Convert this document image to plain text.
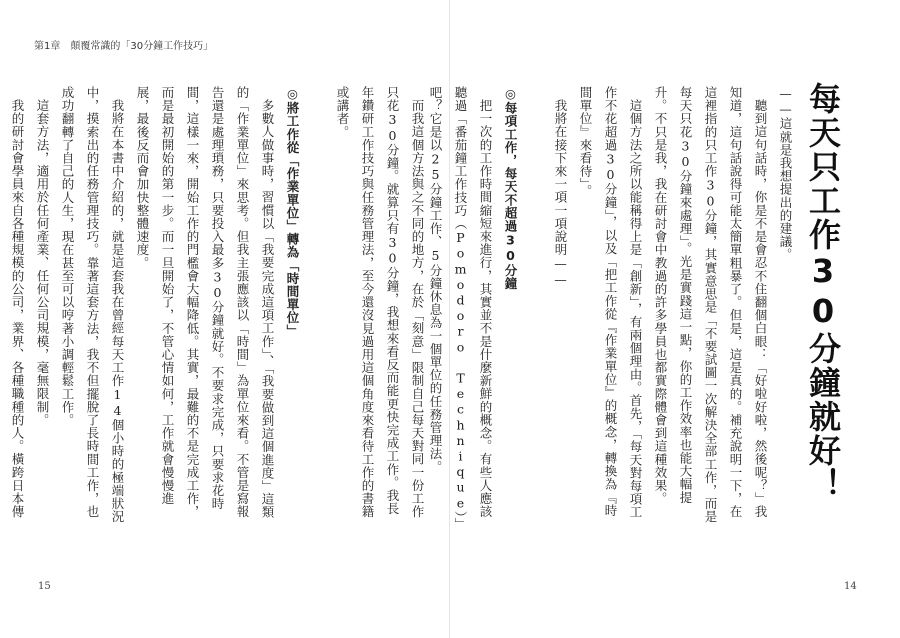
第1章　顛覆常識的「30分鐘工作技巧」
每天只工作30分鐘就好！
——這就是我想提出的建議。
聽到這句話時，你是不是會忍不住翻個白眼：「好啦好啦，然後呢？」我知道，這句話說得可能太簡單粗暴了。但是，這是真的。補充說明一下，在這裡指的只工作30分鐘，其實意思是「不要試圖一次解決全部工作，而是每天只花30分鐘來處理」。光是實踐這一點，你的工作效率也能大幅提升。不只是我，我在研討會中教過的許多學員也都實際體會到這種效果。
這個方法之所以能稱得上是「創新」，有兩個理由。首先，「每天對每項工作不花超過30分鐘」，以及「把工作從『作業單位』的概念，轉換為『時間單位』來看待」。
我將在接下來一項一項說明——
◎每項工作，每天不超過30分鐘
把一次的工作時間縮短來進行，其實並不是什麼新鮮的概念。有些人應該聽過「番茄鐘工作技巧（Pomodoro Technique）」吧？它是以25分鐘工作、5分鐘休息為一個單位的任務管理法。
而我這個方法與之不同的地方，在於「刻意」限制自己每天對同一份工作只花30分鐘。就算只有30分鐘，我想來看反而能更快完成工作。我長年鑽研工作技巧與任務管理法，至今還沒見過用這個角度來看待工作的書籍或講者。
◎將工作從「作業單位」轉為「時間單位」
多數人做事時，習慣以「我要完成這項工作」、「我要做到這個進度」這類的「作業單位」來思考。但我主張應該以「時間」為單位來看。不管是寫報告還是處理瑣務，只要投入最多30分鐘就好。不要求完成，只要求花時間，這樣一來，開始工作的門檻會大幅降低。其實，最難的不是完成工作，而是最初開始的第一步。而一旦開始了，不管心情如何，工作就會慢慢進展，最後反而會加快整體速度。
我將在本書中介紹的，就是這套我在曾經每天工作14個小時的極端狀況中，摸索出的任務管理技巧。靠著這套方法，我不但擺脫了長時間工作，也成功翻轉了自己的人生，現在甚至可以哼著小調輕鬆工作。
這套方法，適用於任何產業、任何公司規模，毫無限制。
我的研討會學員來自各種規模的公司，業界、各種職種的人。橫跨日本傳
15	14
